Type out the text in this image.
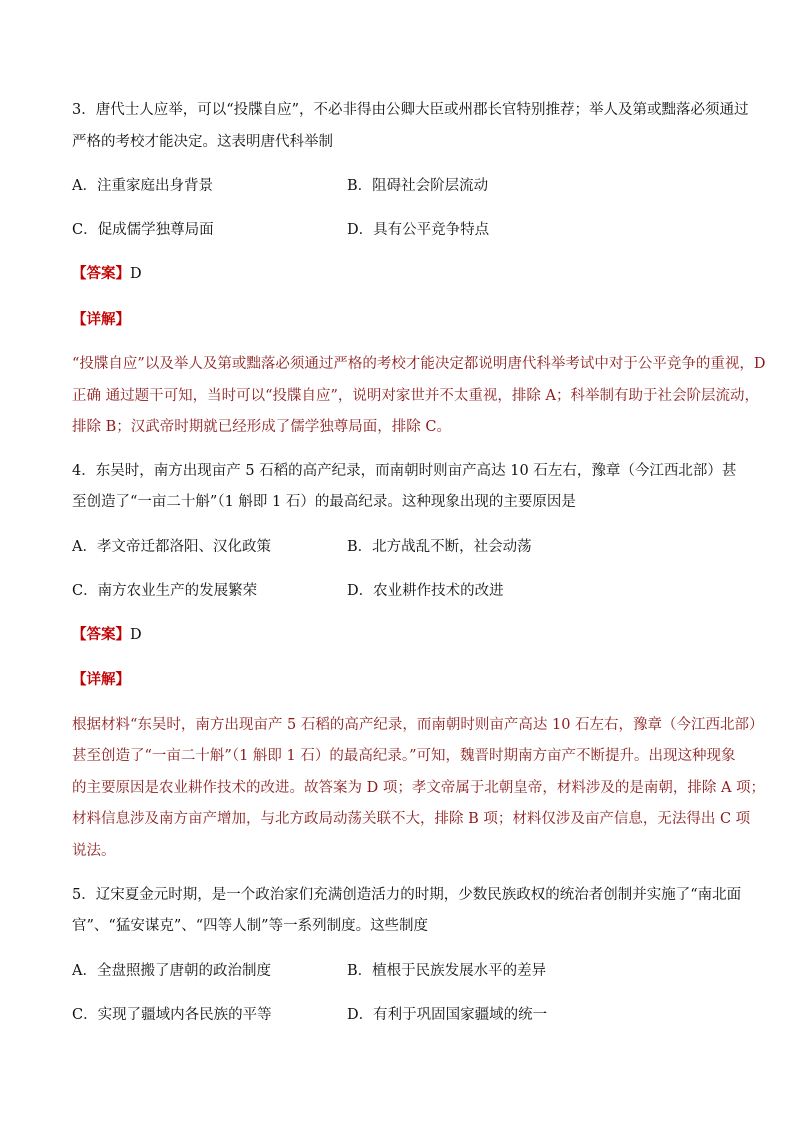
3．唐代士人应举，可以“投牒自应”，不必非得由公卿大臣或州郡长官特别推荐；举人及第或黜落必须通过
严格的考校才能决定。这表明唐代科举制
A．注重家庭出身背景	B．阻碍社会阶层流动
C．促成儒学独尊局面	D．具有公平竞争特点
【答案】D
【详解】
“投牒自应”以及举人及第或黜落必须通过严格的考校才能决定都说明唐代科举考试中对于公平竞争的重视，D
正确 通过题干可知，当时可以“投牒自应”，说明对家世并不太重视，排除 A；科举制有助于社会阶层流动，
排除 B；汉武帝时期就已经形成了儒学独尊局面，排除 C。
4．东吴时，南方出现亩产 5 石稻的高产纪录，而南朝时则亩产高达 10 石左右，豫章（今江西北部）甚
至创造了“一亩二十斛”（1 斛即 1 石）的最高纪录。这种现象出现的主要原因是
A．孝文帝迁都洛阳、汉化政策	B．北方战乱不断，社会动荡
C．南方农业生产的发展繁荣	D．农业耕作技术的改进
【答案】D
【详解】
根据材料“东吴时，南方出现亩产 5 石稻的高产纪录，而南朝时则亩产高达 10 石左右，豫章（今江西北部）
甚至创造了“一亩二十斛”（1 斛即 1 石）的最高纪录。”可知，魏晋时期南方亩产不断提升。出现这种现象
的主要原因是农业耕作技术的改进。故答案为 D 项；孝文帝属于北朝皇帝，材料涉及的是南朝，排除 A 项；
材料信息涉及南方亩产增加，与北方政局动荡关联不大，排除 B 项；材料仅涉及亩产信息，无法得出 C 项
说法。
5．辽宋夏金元时期，是一个政治家们充满创造活力的时期，少数民族政权的统治者创制并实施了“南北面
官”、“猛安谋克”、“四等人制”等一系列制度。这些制度
A．全盘照搬了唐朝的政治制度	B．植根于民族发展水平的差异
C．实现了疆域内各民族的平等	D．有利于巩固国家疆域的统一
